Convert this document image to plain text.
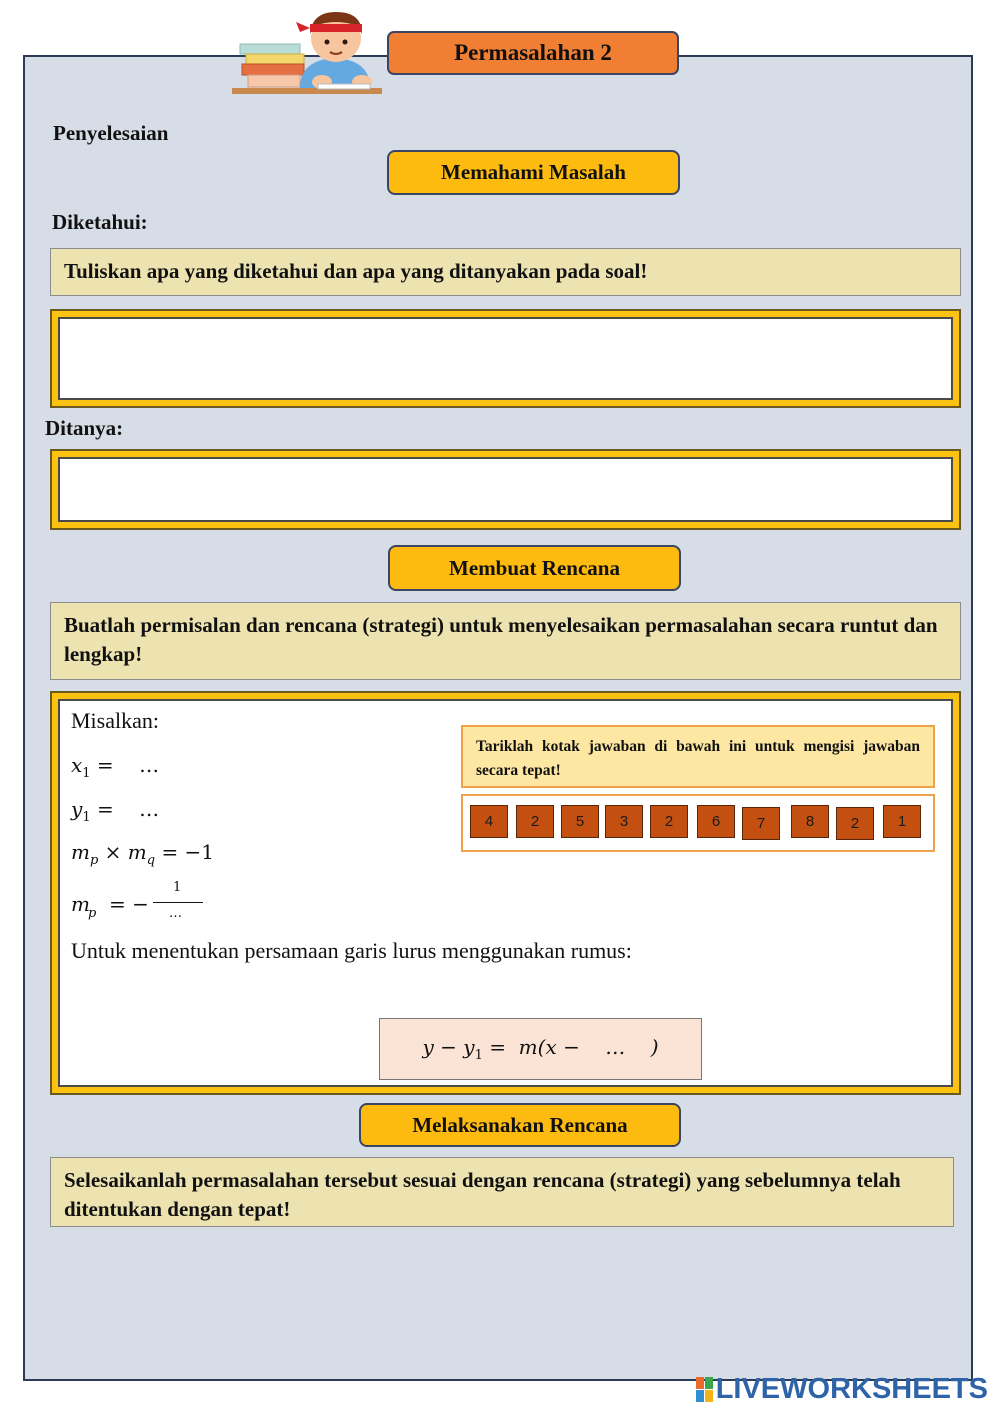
Permasalahan 2
Penyelesaian
Memahami Masalah
Diketahui:
Tuliskan apa yang diketahui dan apa yang ditanyakan pada soal!
Ditanya:
Membuat Rencana
Buatlah permisalan dan rencana (strategi) untuk menyelesaikan permasalahan secara runtut dan lengkap!
Misalkan:
$x_1$ =    …
$y_1$ =    …
$m_p \times m_q = -1$
m
p = −
1
…
Untuk menentukan persamaan garis lurus menggunakan rumus:
$y - y_1 = m(x$ −    …    )
Tariklah kotak jawaban di bawah ini untuk mengisi jawaban secara tepat!
4	2	5	3	2	6	7	8	2	1
Melaksanakan Rencana
Selesaikanlah permasalahan tersebut sesuai dengan rencana (strategi) yang sebelumnya telah ditentukan dengan tepat!
LIVEWORKSHEETS
